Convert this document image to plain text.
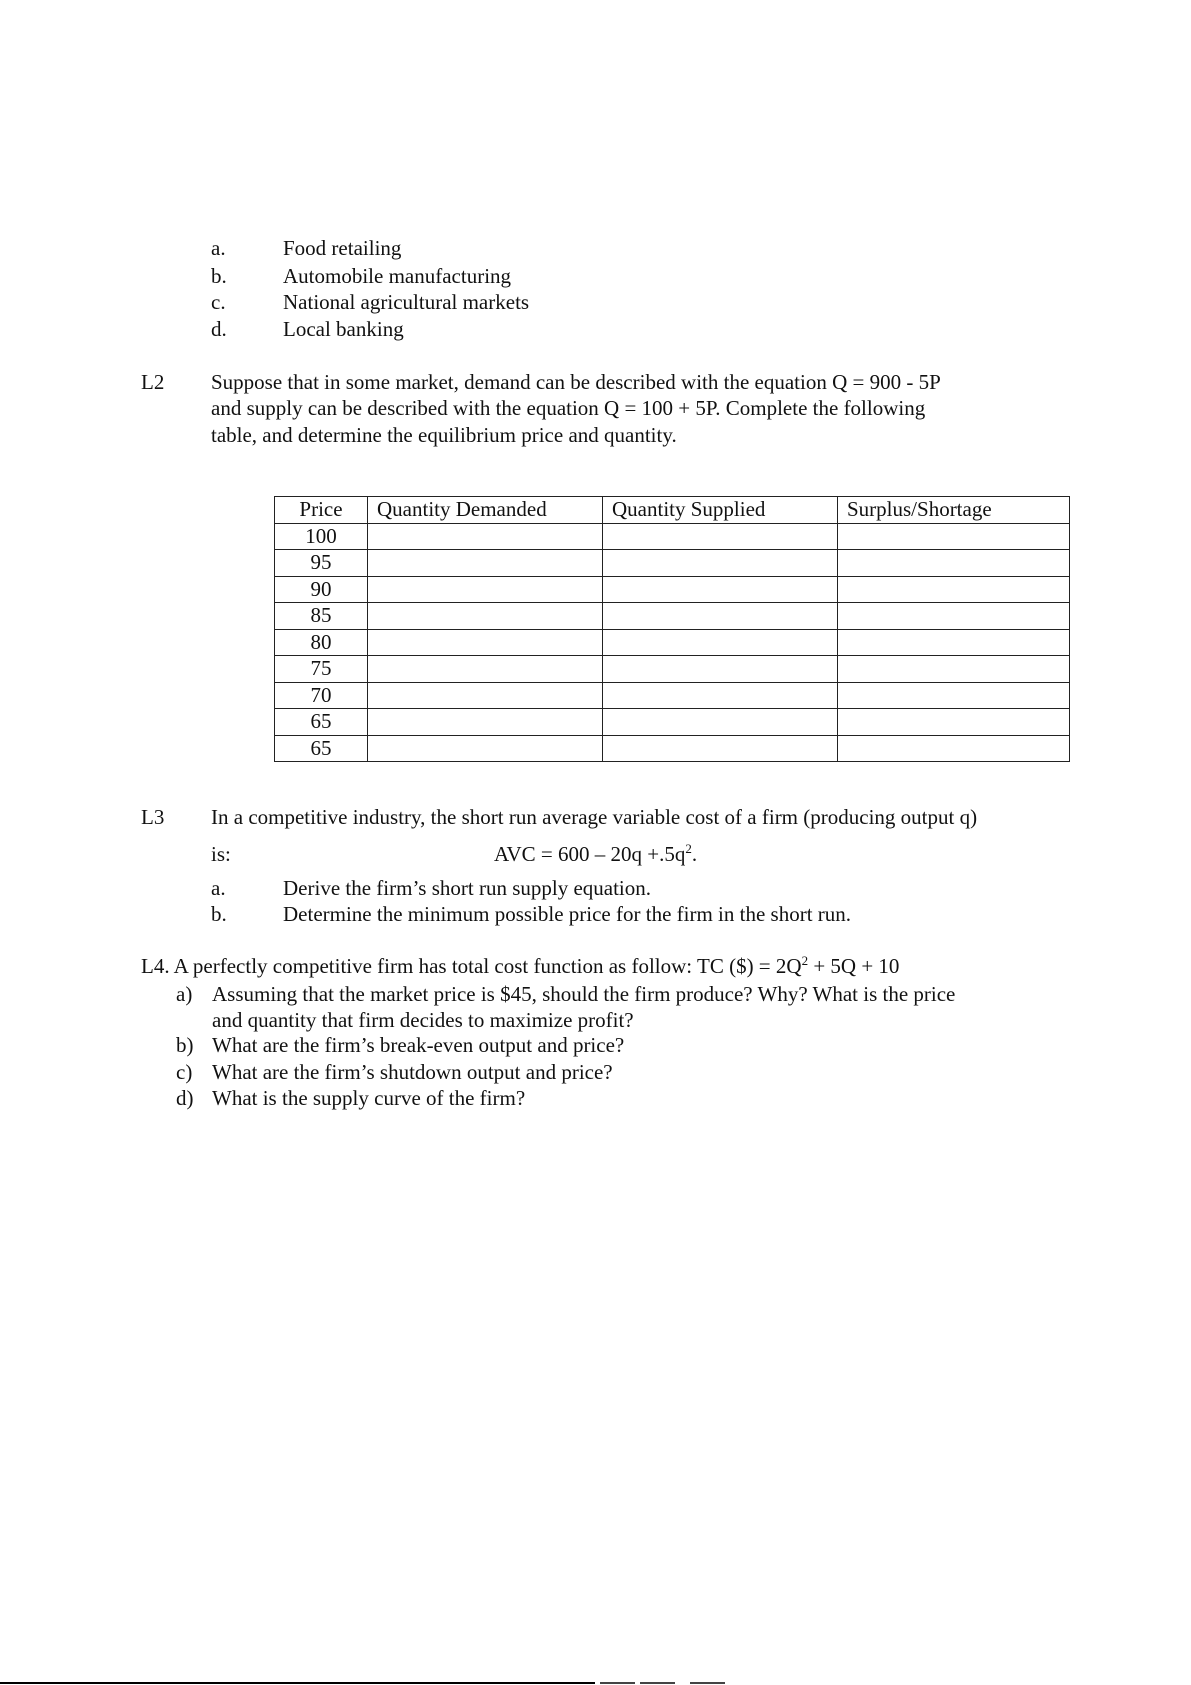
a.	Food retailing
b.	Automobile manufacturing
c.	National agricultural markets
d.	Local banking
L2 Suppose that in some market, demand can be described with the equation Q = 900 - 5P
and supply can be described with the equation Q = 100 + 5P. Complete the following
table, and determine the equilibrium price and quantity.
Price	Quantity Demanded	Quantity Supplied	Surplus/Shortage
100			
95			
90			
85			
80			
75			
70			
65			
65			
L3 In a competitive industry, the short run average variable cost of a firm (producing output q)
is:	AVC = $600 - 20q +.5q^2$.
a.	Derive the firm’s short run supply equation.
b.	Determine the minimum possible price for the firm in the short run.
L4. A perfectly competitive firm has total cost function as follow: TC ($) = $2Q^2 + 5Q + 10$
a) Assuming that the market price is $45, should the firm produce? Why? What is the price
and quantity that firm decides to maximize profit?
b) What are the firm’s break-even output and price?
c) What are the firm’s shutdown output and price?
d) What is the supply curve of the firm?
